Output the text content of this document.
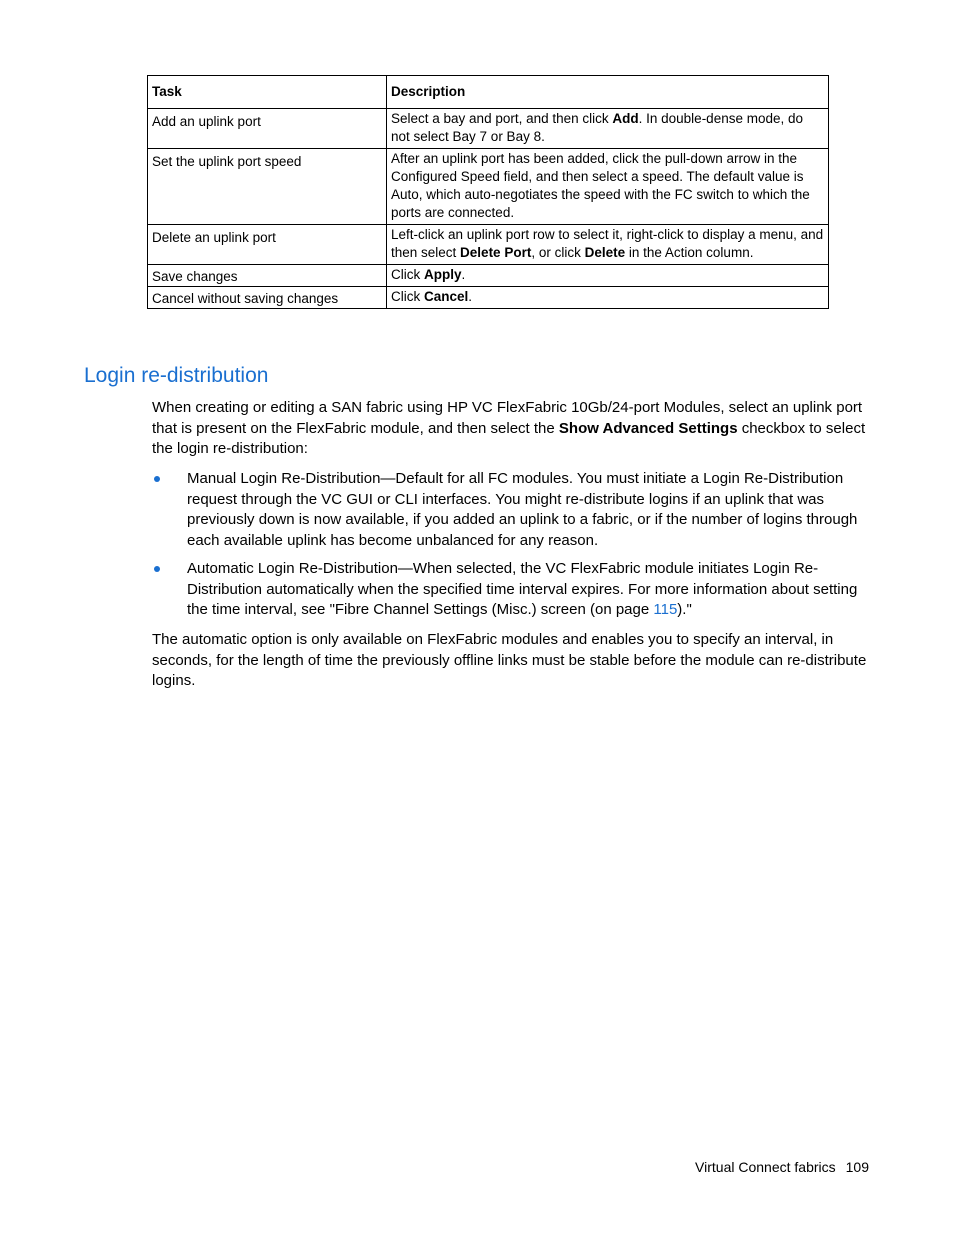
Task	Description
Add an uplink port	Select a bay and port, and then click Add. In double-dense mode, do not select Bay 7 or Bay 8.
Set the uplink port speed	After an uplink port has been added, click the pull-down arrow in the Configured Speed field, and then select a speed. The default value is Auto, which auto-negotiates the speed with the FC switch to which the ports are connected.
Delete an uplink port	Left-click an uplink port row to select it, right-click to display a menu, and then select Delete Port, or click Delete in the Action column.
Save changes	Click Apply.
Cancel without saving changes	Click Cancel.
Login re-distribution

When creating or editing a SAN fabric using HP VC FlexFabric 10Gb/24-port Modules, select an uplink port that is present on the FlexFabric module, and then select the Show Advanced Settings checkbox to select the login re-distribution:

Manual Login Re-Distribution—Default for all FC modules. You must initiate a Login Re-Distribution request through the VC GUI or CLI interfaces. You might re-distribute logins if an uplink that was previously down is now available, if you added an uplink to a fabric, or if the number of logins through each available uplink has become unbalanced for any reason.
Automatic Login Re-Distribution—When selected, the VC FlexFabric module initiates Login Re-Distribution automatically when the specified time interval expires. For more information about setting the time interval, see "Fibre Channel Settings (Misc.) screen (on page 115)."

The automatic option is only available on FlexFabric modules and enables you to specify an interval, in seconds, for the length of time the previously offline links must be stable before the module can re-distribute logins.

Virtual Connect fabrics 109
